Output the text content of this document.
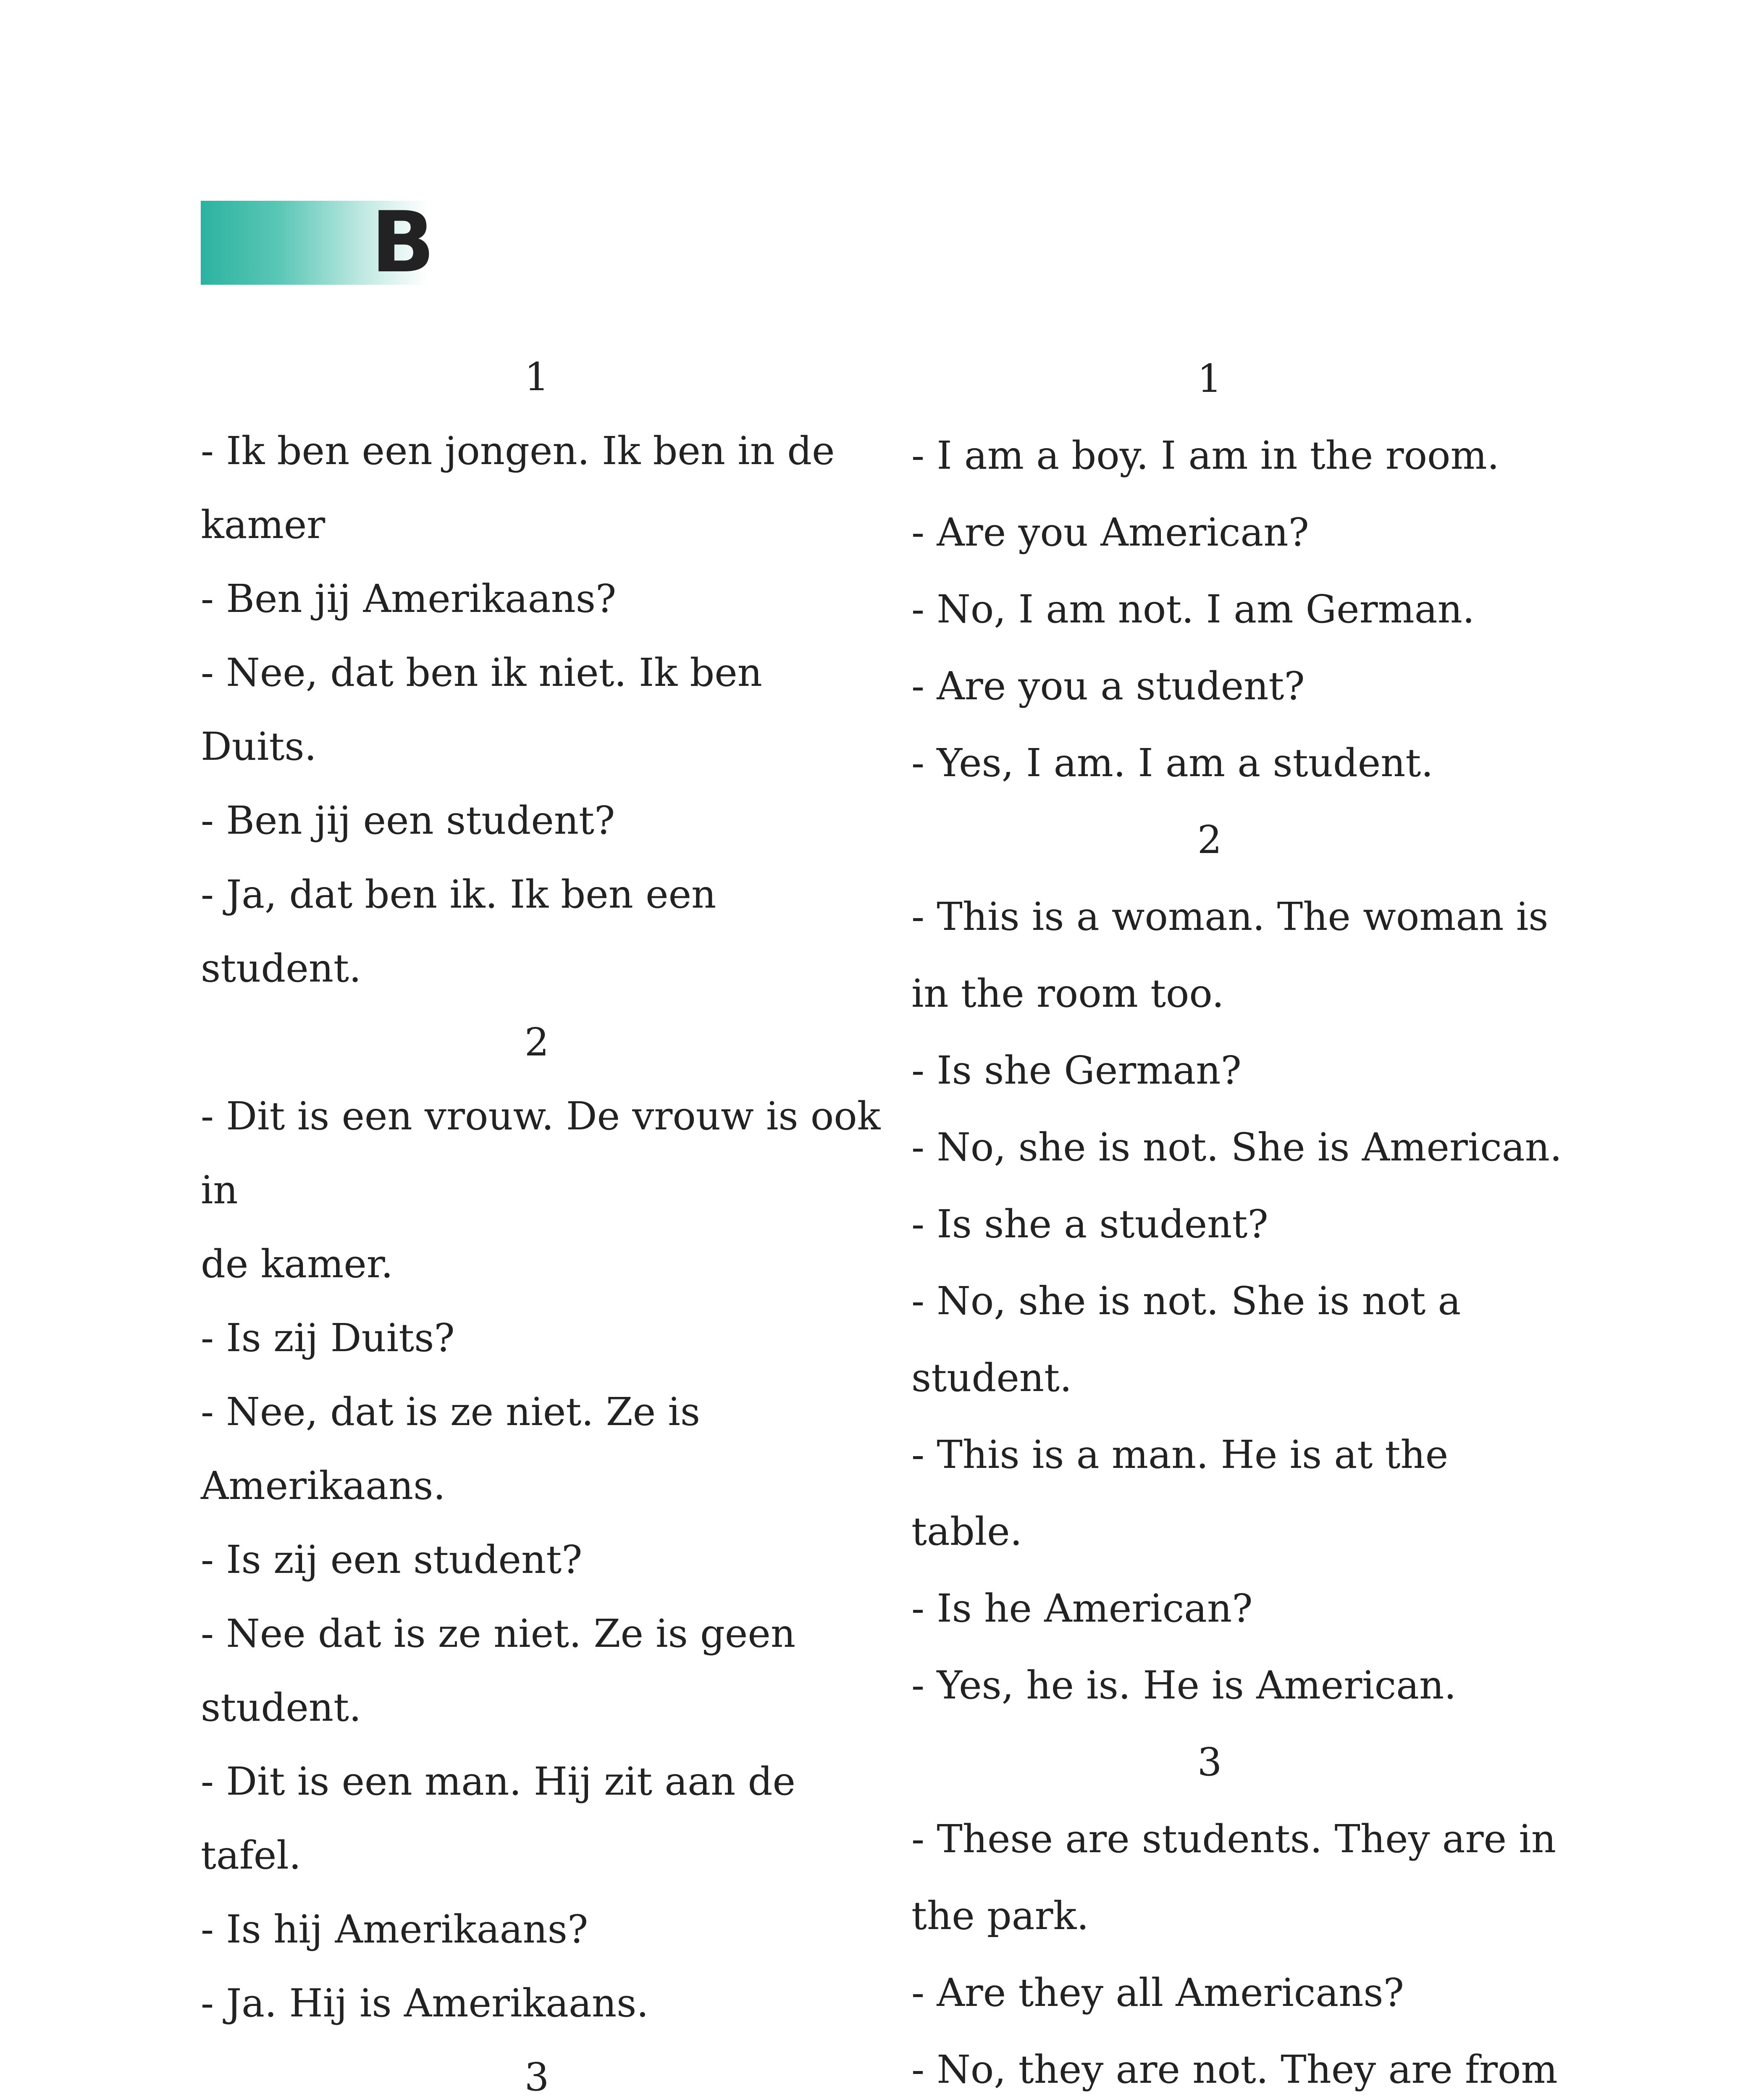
B
1
- Ik ben een jongen. Ik ben in de
kamer
- Ben jij Amerikaans?
- Nee, dat ben ik niet. Ik ben Duits.
- Ben jij een student?
- Ja, dat ben ik. Ik ben een student.
2
- Dit is een vrouw. De vrouw is ook in
de kamer.
- Is zij Duits?
- Nee, dat is ze niet. Ze is Amerikaans.
- Is zij een student?
- Nee dat is ze niet. Ze is geen
student.
- Dit is een man. Hij zit aan de tafel.
- Is hij Amerikaans?
- Ja. Hij is Amerikaans.
3
1
- I am a boy. I am in the room.
- Are you American?
- No, I am not. I am German.
- Are you a student?
- Yes, I am. I am a student.
2
- This is a woman. The woman is
in the room too.
- Is she German?
- No, she is not. She is American.
- Is she a student?
- No, she is not. She is not a
student.
- This is a man. He is at the table.
- Is he American?
- Yes, he is. He is American.
3
- These are students. They are in
the park.
- Are they all Americans?
- No, they are not. They are from
